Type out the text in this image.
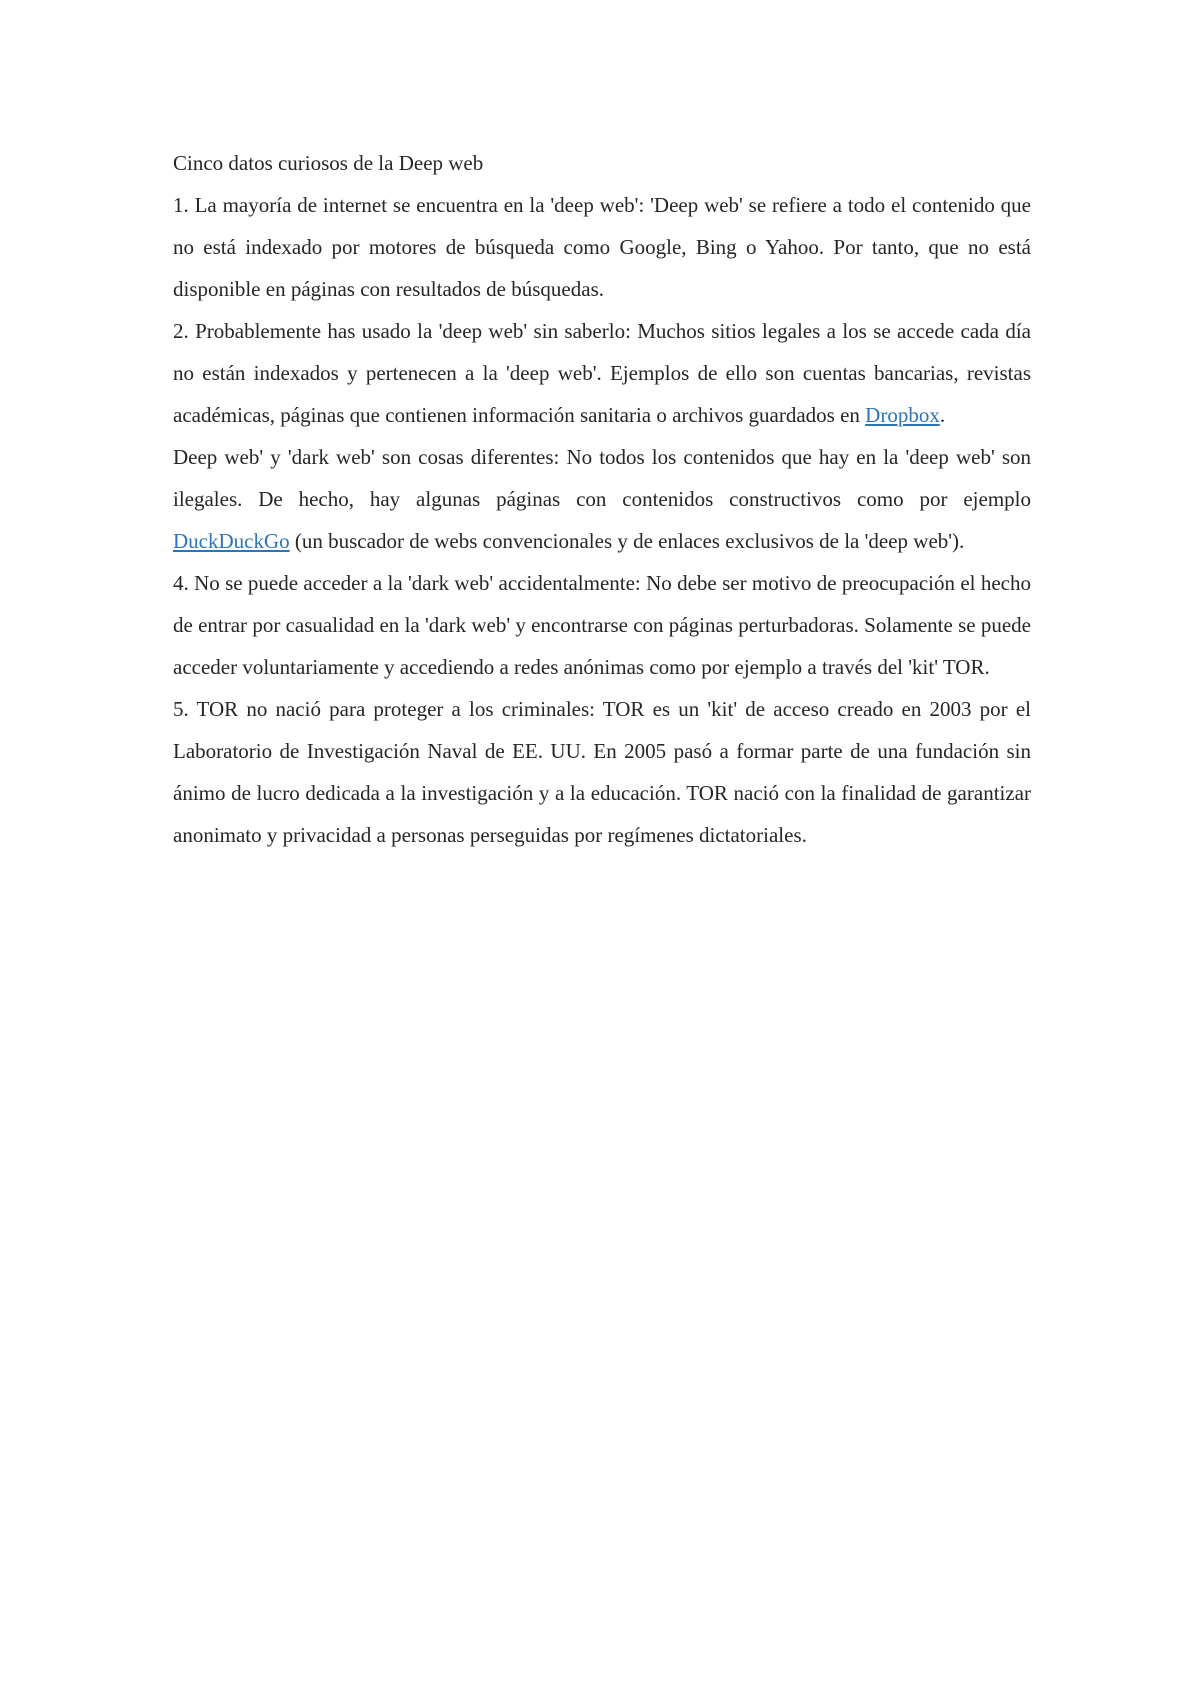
Cinco datos curiosos de la Deep web

1. La mayoría de internet se encuentra en la 'deep web': 'Deep web' se refiere a todo el contenido que no está indexado por motores de búsqueda como Google, Bing o Yahoo. Por tanto, que no está disponible en páginas con resultados de búsquedas.

2. Probablemente has usado la 'deep web' sin saberlo: Muchos sitios legales a los se accede cada día no están indexados y pertenecen a la 'deep web'. Ejemplos de ello son cuentas bancarias, revistas académicas, páginas que contienen información sanitaria o archivos guardados en Dropbox.

Deep web' y 'dark web' son cosas diferentes: No todos los contenidos que hay en la 'deep web' son ilegales. De hecho, hay algunas páginas con contenidos constructivos como por ejemplo DuckDuckGo (un buscador de webs convencionales y de enlaces exclusivos de la 'deep web').

4. No se puede acceder a la 'dark web' accidentalmente: No debe ser motivo de preocupación el hecho de entrar por casualidad en la 'dark web' y encontrarse con páginas perturbadoras. Solamente se puede acceder voluntariamente y accediendo a redes anónimas como por ejemplo a través del 'kit' TOR.

5. TOR no nació para proteger a los criminales: TOR es un 'kit' de acceso creado en 2003 por el Laboratorio de Investigación Naval de EE. UU. En 2005 pasó a formar parte de una fundación sin ánimo de lucro dedicada a la investigación y a la educación. TOR nació con la finalidad de garantizar anonimato y privacidad a personas perseguidas por regímenes dictatoriales.
